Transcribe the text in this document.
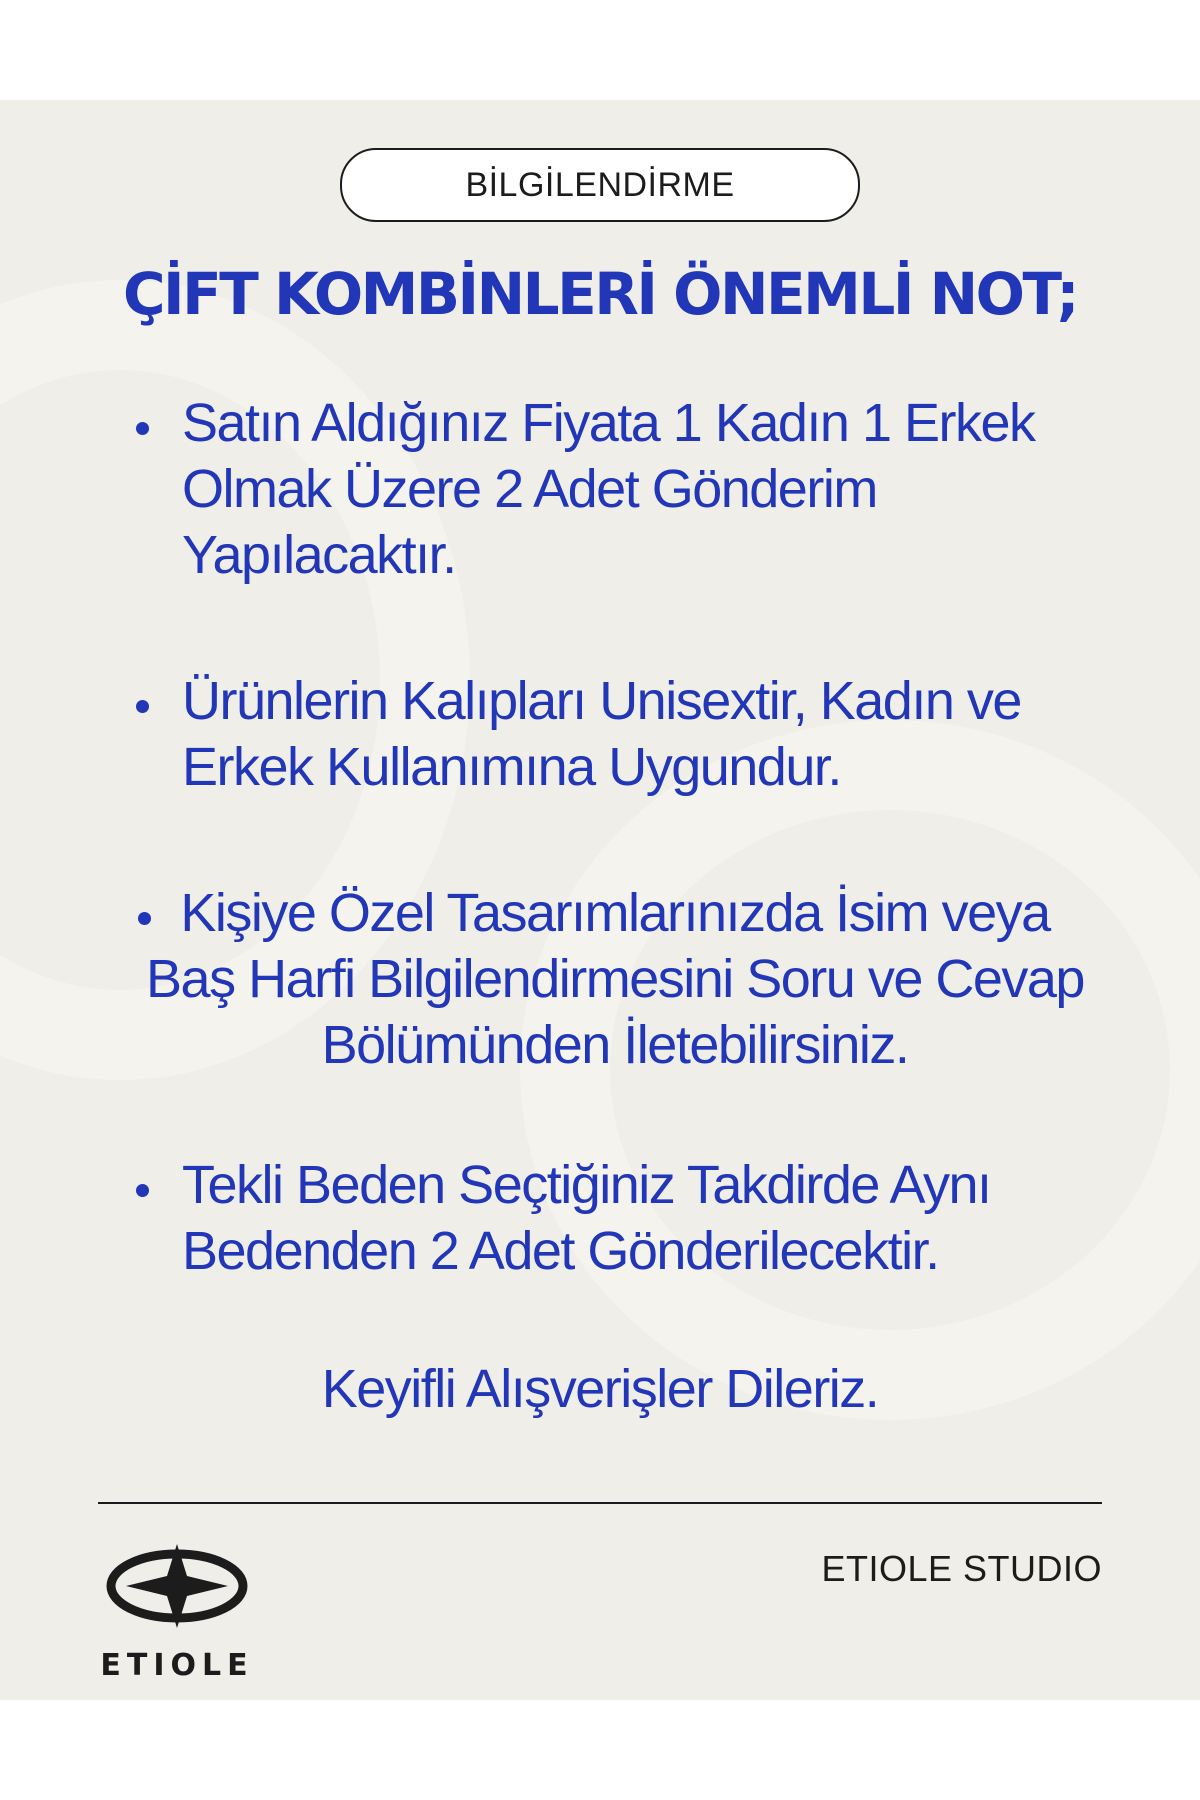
BİLGİLENDİRME
ÇİFT KOMBİNLERİ ÖNEMLİ NOT;
Satın Aldığınız Fiyata 1 Kadın 1 Erkek Olmak Üzere 2 Adet Gönderim Yapılacaktır.
Ürünlerin Kalıpları Unisextir, Kadın ve Erkek Kullanımına Uygundur.
Kişiye Özel Tasarımlarınızda İsim veya Baş Harfi Bilgilendirmesini Soru ve Cevap Bölümünden İletebilirsiniz.
Tekli Beden Seçtiğiniz Takdirde Aynı Bedenden 2 Adet Gönderilecektir.
Keyifli Alışverişler Dileriz.
ETIOLE
ETIOLE STUDIO
